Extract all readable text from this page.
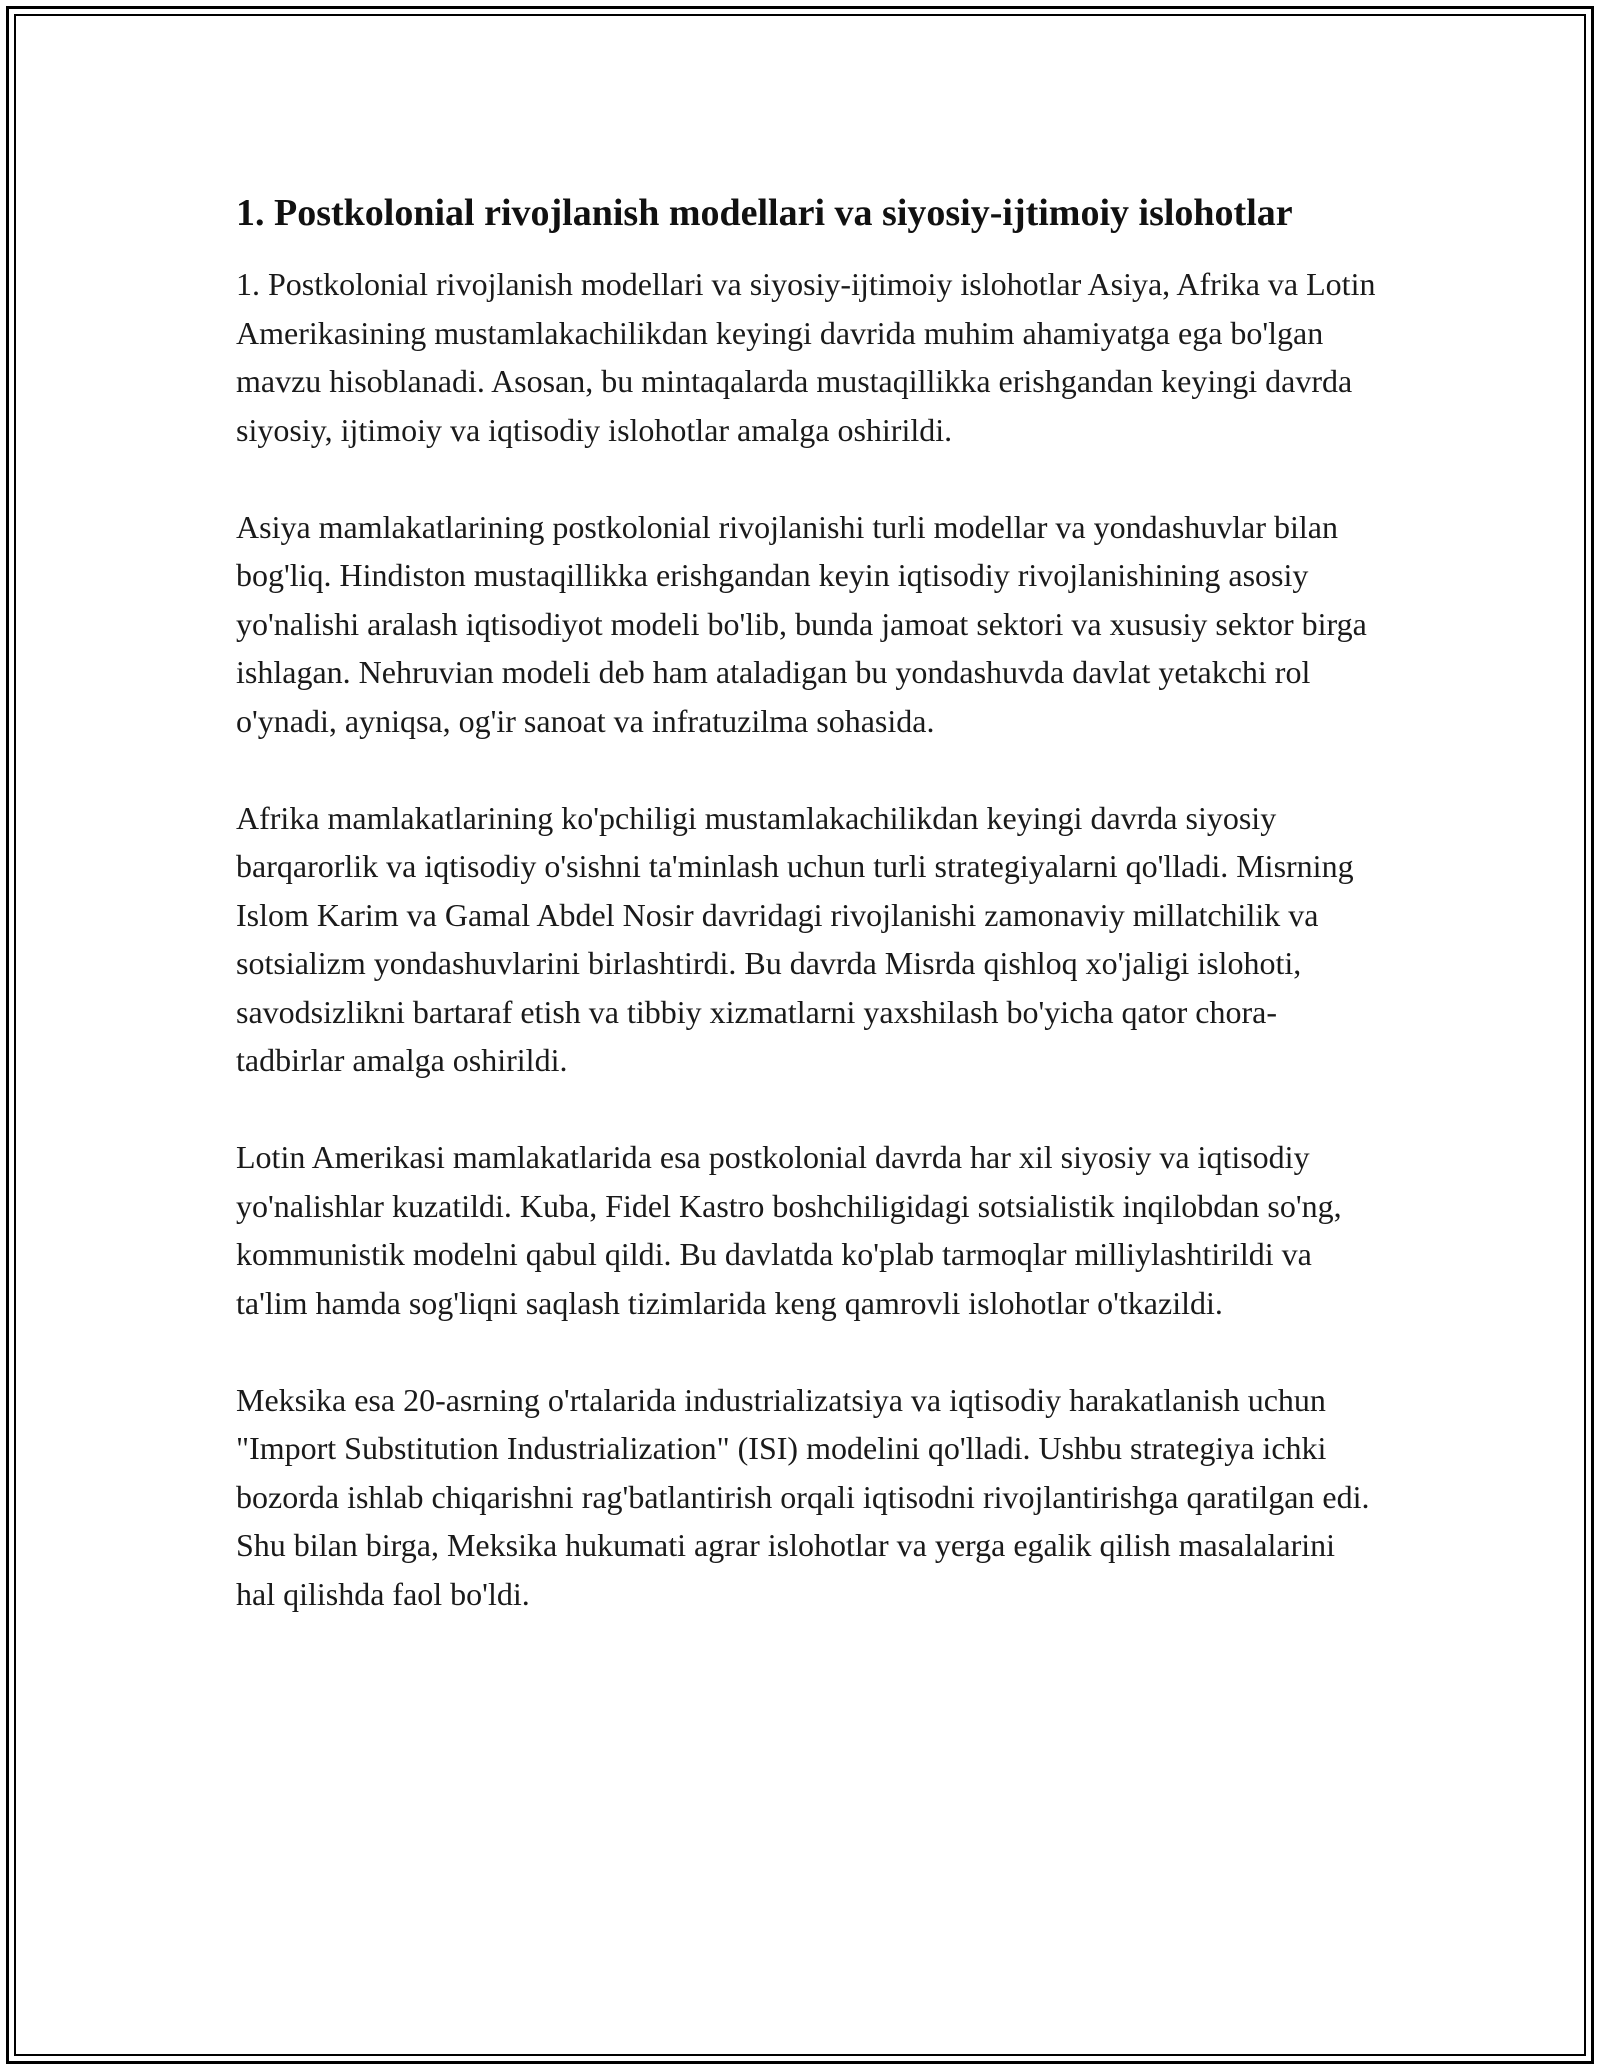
1. Postkolonial rivojlanish modellari va siyosiy-ijtimoiy islohotlar

1. Postkolonial rivojlanish modellari va siyosiy-ijtimoiy islohotlar Asiya, Afrika va Lotin Amerikasining mustamlakachilikdan keyingi davrida muhim ahamiyatga ega bo'lgan mavzu hisoblanadi. Asosan, bu mintaqalarda mustaqillikka erishgandan keyingi davrda siyosiy, ijtimoiy va iqtisodiy islohotlar amalga oshirildi.

Asiya mamlakatlarining postkolonial rivojlanishi turli modellar va yondashuvlar bilan bog'liq. Hindiston mustaqillikka erishgandan keyin iqtisodiy rivojlanishining asosiy yo'nalishi aralash iqtisodiyot modeli bo'lib, bunda jamoat sektori va xususiy sektor birga ishlagan. Nehruvian modeli deb ham ataladigan bu yondashuvda davlat yetakchi rol o'ynadi, ayniqsa, og'ir sanoat va infratuzilma sohasida.

Afrika mamlakatlarining ko'pchiligi mustamlakachilikdan keyingi davrda siyosiy barqarorlik va iqtisodiy o'sishni ta'minlash uchun turli strategiyalarni qo'lladi. Misrning Islom Karim va Gamal Abdel Nosir davridagi rivojlanishi zamonaviy millatchilik va sotsializm yondashuvlarini birlashtirdi. Bu davrda Misrda qishloq xo'jaligi islohoti, savodsizlikni bartaraf etish va tibbiy xizmatlarni yaxshilash bo'yicha qator chora-tadbirlar amalga oshirildi.

Lotin Amerikasi mamlakatlarida esa postkolonial davrda har xil siyosiy va iqtisodiy yo'nalishlar kuzatildi. Kuba, Fidel Kastro boshchiligidagi sotsialistik inqilobdan so'ng, kommunistik modelni qabul qildi. Bu davlatda ko'plab tarmoqlar milliylashtirildi va ta'lim hamda sog'liqni saqlash tizimlarida keng qamrovli islohotlar o'tkazildi.

Meksika esa 20-asrning o'rtalarida industrializatsiya va iqtisodiy harakatlanish uchun "Import Substitution Industrialization" (ISI) modelini qo'lladi. Ushbu strategiya ichki bozorda ishlab chiqarishni rag'batlantirish orqali iqtisodni rivojlantirishga qaratilgan edi. Shu bilan birga, Meksika hukumati agrar islohotlar va yerga egalik qilish masalalarini hal qilishda faol bo'ldi.
